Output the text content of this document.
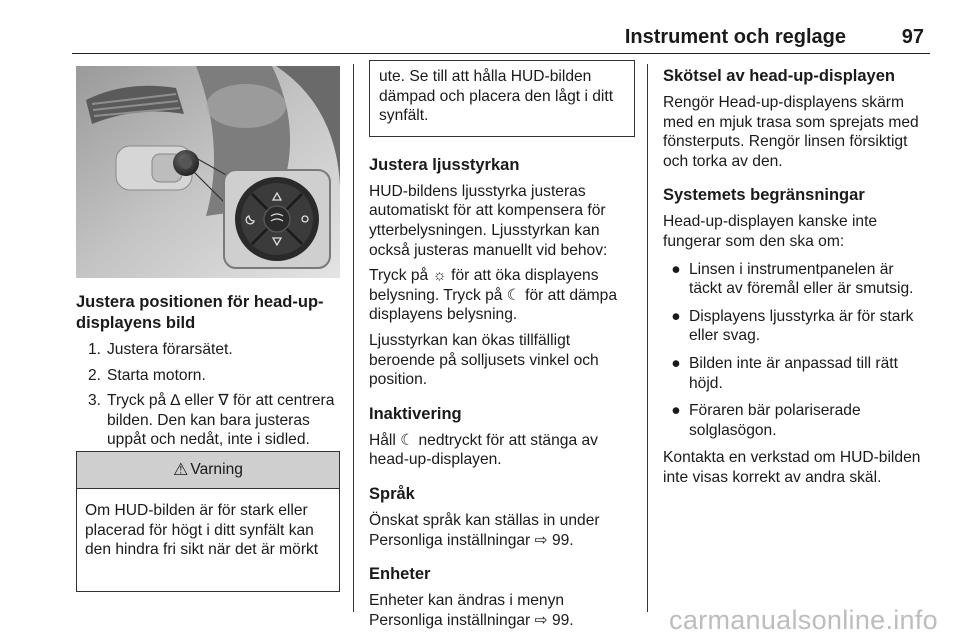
Instrument och reglage	97
Justera positionen för head-up-displayens bild
1. Justera förarsätet.
2. Starta motorn.
3. Tryck på ∆ eller ∇ för att centrera bilden. Den kan bara justeras uppåt och nedåt, inte i sidled.
⚠ Varning
Om HUD-bilden är för stark eller placerad för högt i ditt synfält kan den hindra fri sikt när det är mörkt
ute. Se till att hålla HUD-bilden dämpad och placera den lågt i ditt synfält.
Justera ljusstyrkan

HUD-bildens ljusstyrka justeras automatiskt för att kompensera för ytterbelysningen. Ljusstyrkan kan också justeras manuellt vid behov:

Tryck på ☼ för att öka displayens belysning. Tryck på ☾ för att dämpa displayens belysning.

Ljusstyrkan kan ökas tillfälligt beroende på solljusets vinkel och position.

Inaktivering

Håll ☾ nedtryckt för att stänga av head-up-displayen.

Språk

Önskat språk kan ställas in under Personliga inställningar ⇨ 99.

Enheter

Enheter kan ändras i menyn Personliga inställningar ⇨ 99.

Skötsel av head-up-displayen

Rengör Head-up-displayens skärm med en mjuk trasa som sprejats med fönsterputs. Rengör linsen försiktigt och torka av den.

Systemets begränsningar

Head-up-displayen kanske inte fungerar som den ska om:

● Linsen i instrumentpanelen är täckt av föremål eller är smutsig.
● Displayens ljusstyrka är för stark eller svag.
● Bilden inte är anpassad till rätt höjd.
● Föraren bär polariserade solglasögon.

Kontakta en verkstad om HUD-bilden inte visas korrekt av andra skäl.

carmanualsonline.info
